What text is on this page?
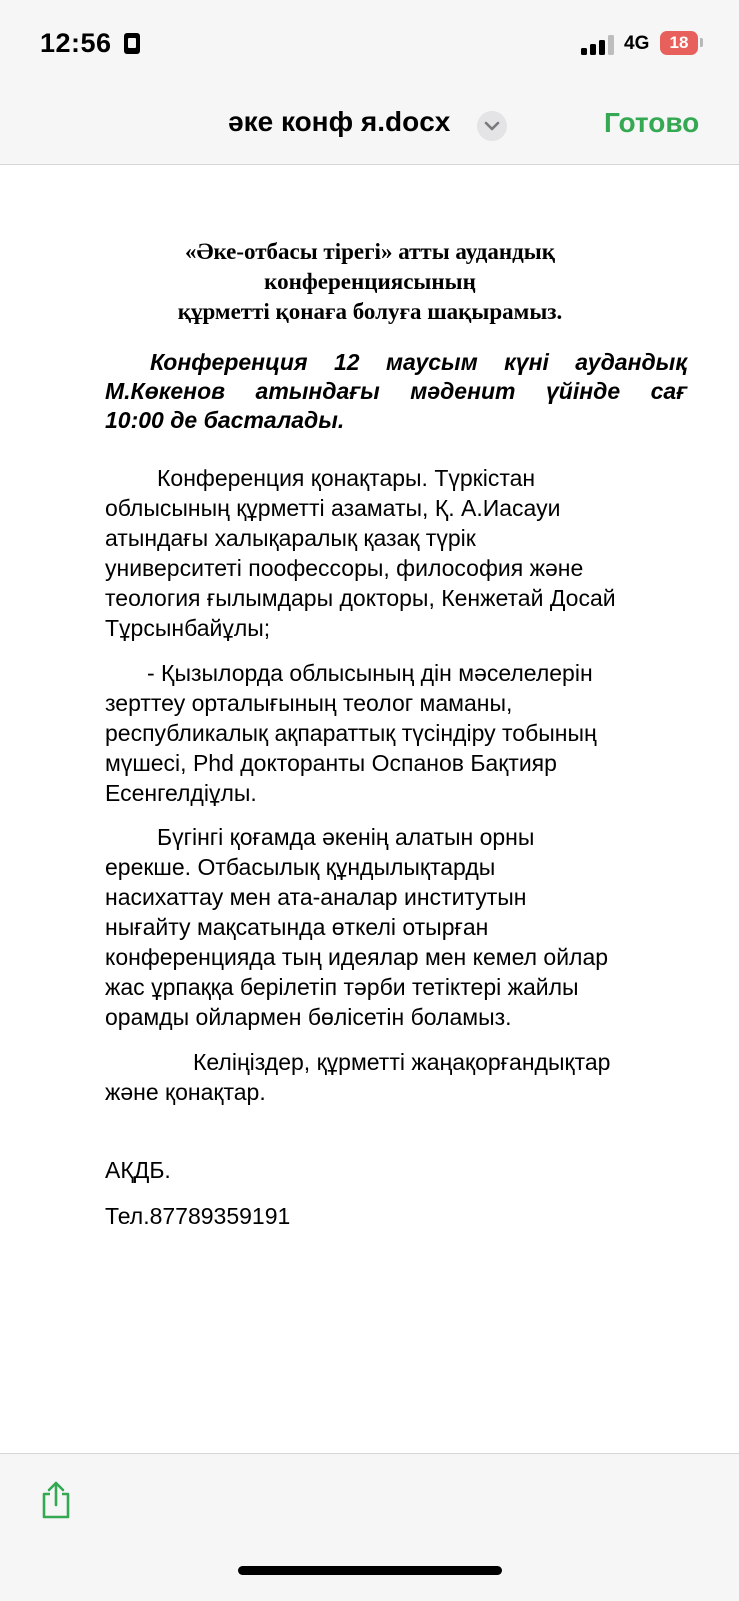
12:56	4G	18
әке конф я.docx	Готово
«Әке-отбасы тірегі» атты аудандық
конференциясының
құрметті қонаға болуға шақырамыз.
Конференция 12 маусым күні аудандық
М.Көкенов атындағы мәденит үйінде сағ
10:00 де басталады.
Конференция қонақтары. Түркістан
облысының құрметті азаматы, Қ. А.Иасауи
атындағы халықаралық қазақ түрік
университеті поофессоры, философия және
теология ғылымдары докторы, Кенжетай Досай
Тұрсынбайұлы;
- Қызылорда облысының дін мәселелерін
зерттеу орталығының теолог маманы,
республикалық ақпараттық түсіндіру тобының
мүшесі, Phd докторанты Оспанов Бақтияр
Есенгелдіұлы.
Бүгінгі қоғамда әкенің алатын орны
ерекше. Отбасылық құндылықтарды
насихаттау мен ата-аналар институтын
нығайту мақсатында өткелі отырған
конференцияда тың идеялар мен кемел ойлар
жас ұрпаққа берілетіп тәрби тетіктері жайлы
орамды ойлармен бөлісетін боламыз.
Келіңіздер, құрметті жаңақорғандықтар
және қонақтар.
АҚДБ.
Тел.87789359191
